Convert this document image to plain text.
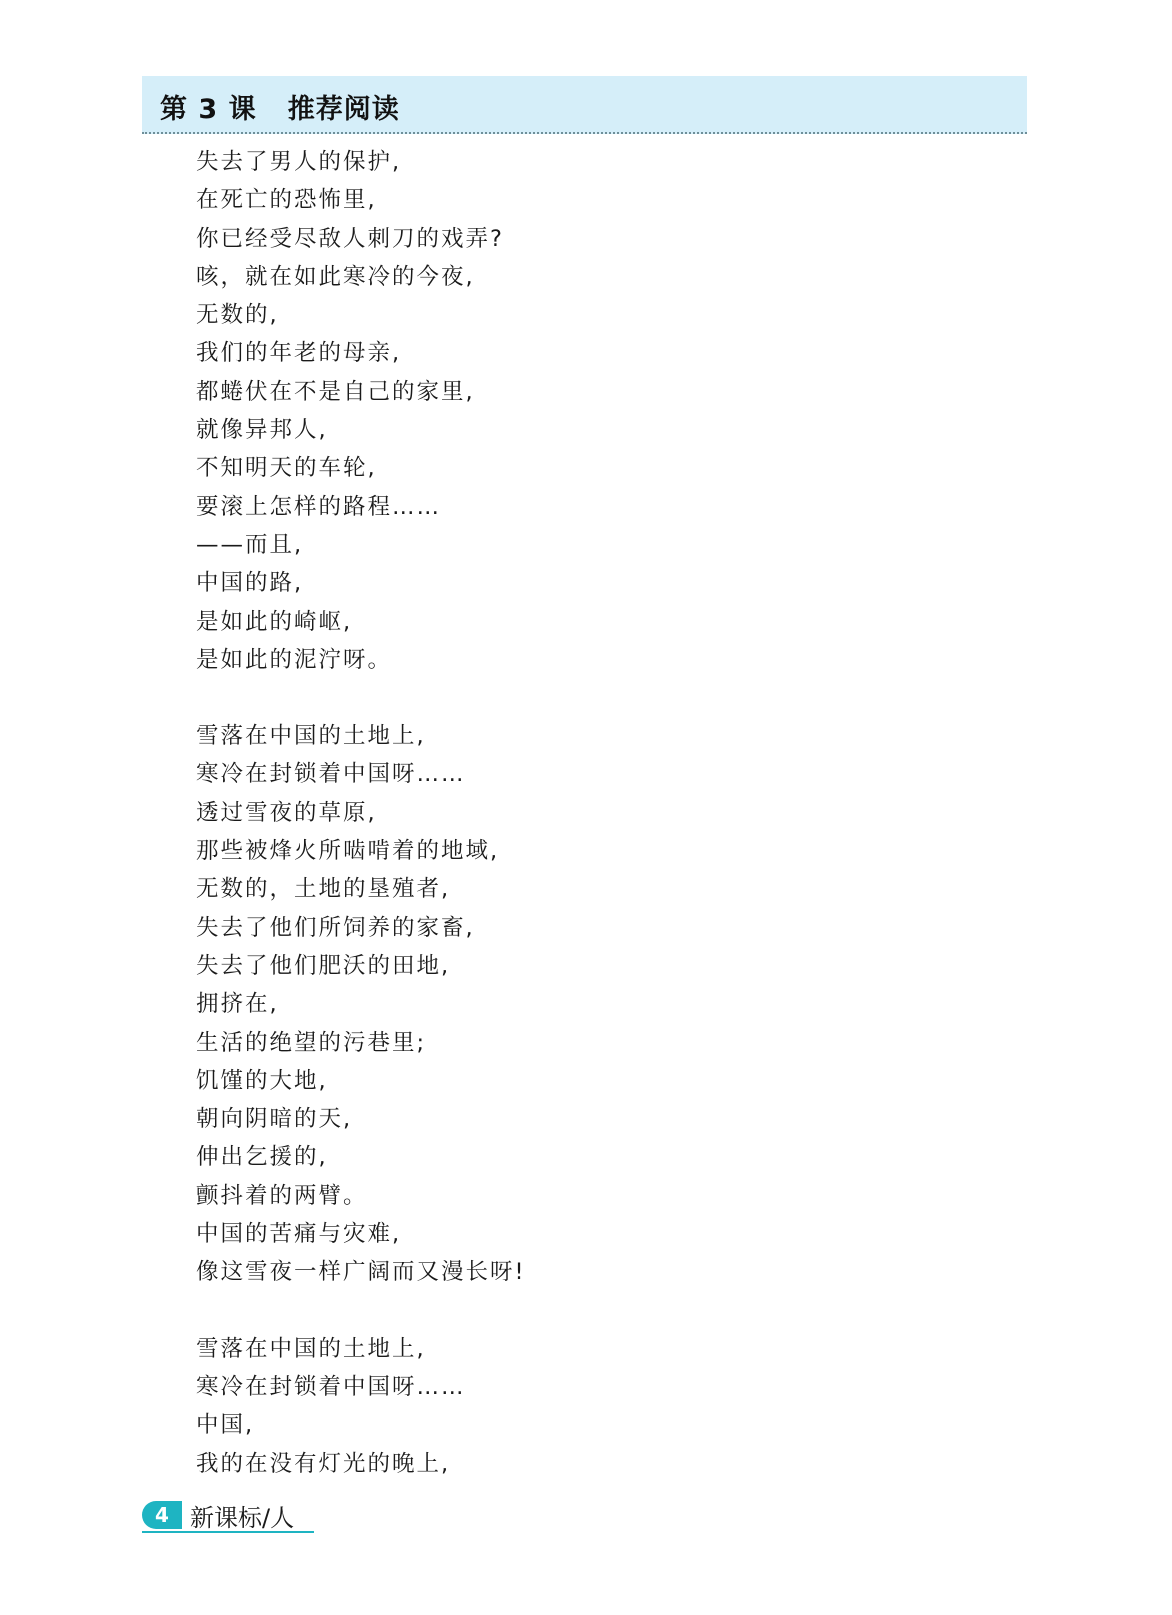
第 3 课   推荐阅读
失去了男人的保护,
在死亡的恐怖里,
你已经受尽敌人刺刀的戏弄?
咳，就在如此寒冷的今夜,
无数的,
我们的年老的母亲,
都蜷伏在不是自己的家里,
就像异邦人,
不知明天的车轮,
要滚上怎样的路程……
——而且,
中国的路,
是如此的崎岖,
是如此的泥泞呀。
雪落在中国的土地上,
寒冷在封锁着中国呀……
透过雪夜的草原,
那些被烽火所啮啃着的地域,
无数的，土地的垦殖者,
失去了他们所饲养的家畜,
失去了他们肥沃的田地,
拥挤在,
生活的绝望的污巷里;
饥馑的大地,
朝向阴暗的天,
伸出乞援的,
颤抖着的两臂。
中国的苦痛与灾难,
像这雪夜一样广阔而又漫长呀!
雪落在中国的土地上,
寒冷在封锁着中国呀……
中国,
我的在没有灯光的晚上,
4 新课标/人
